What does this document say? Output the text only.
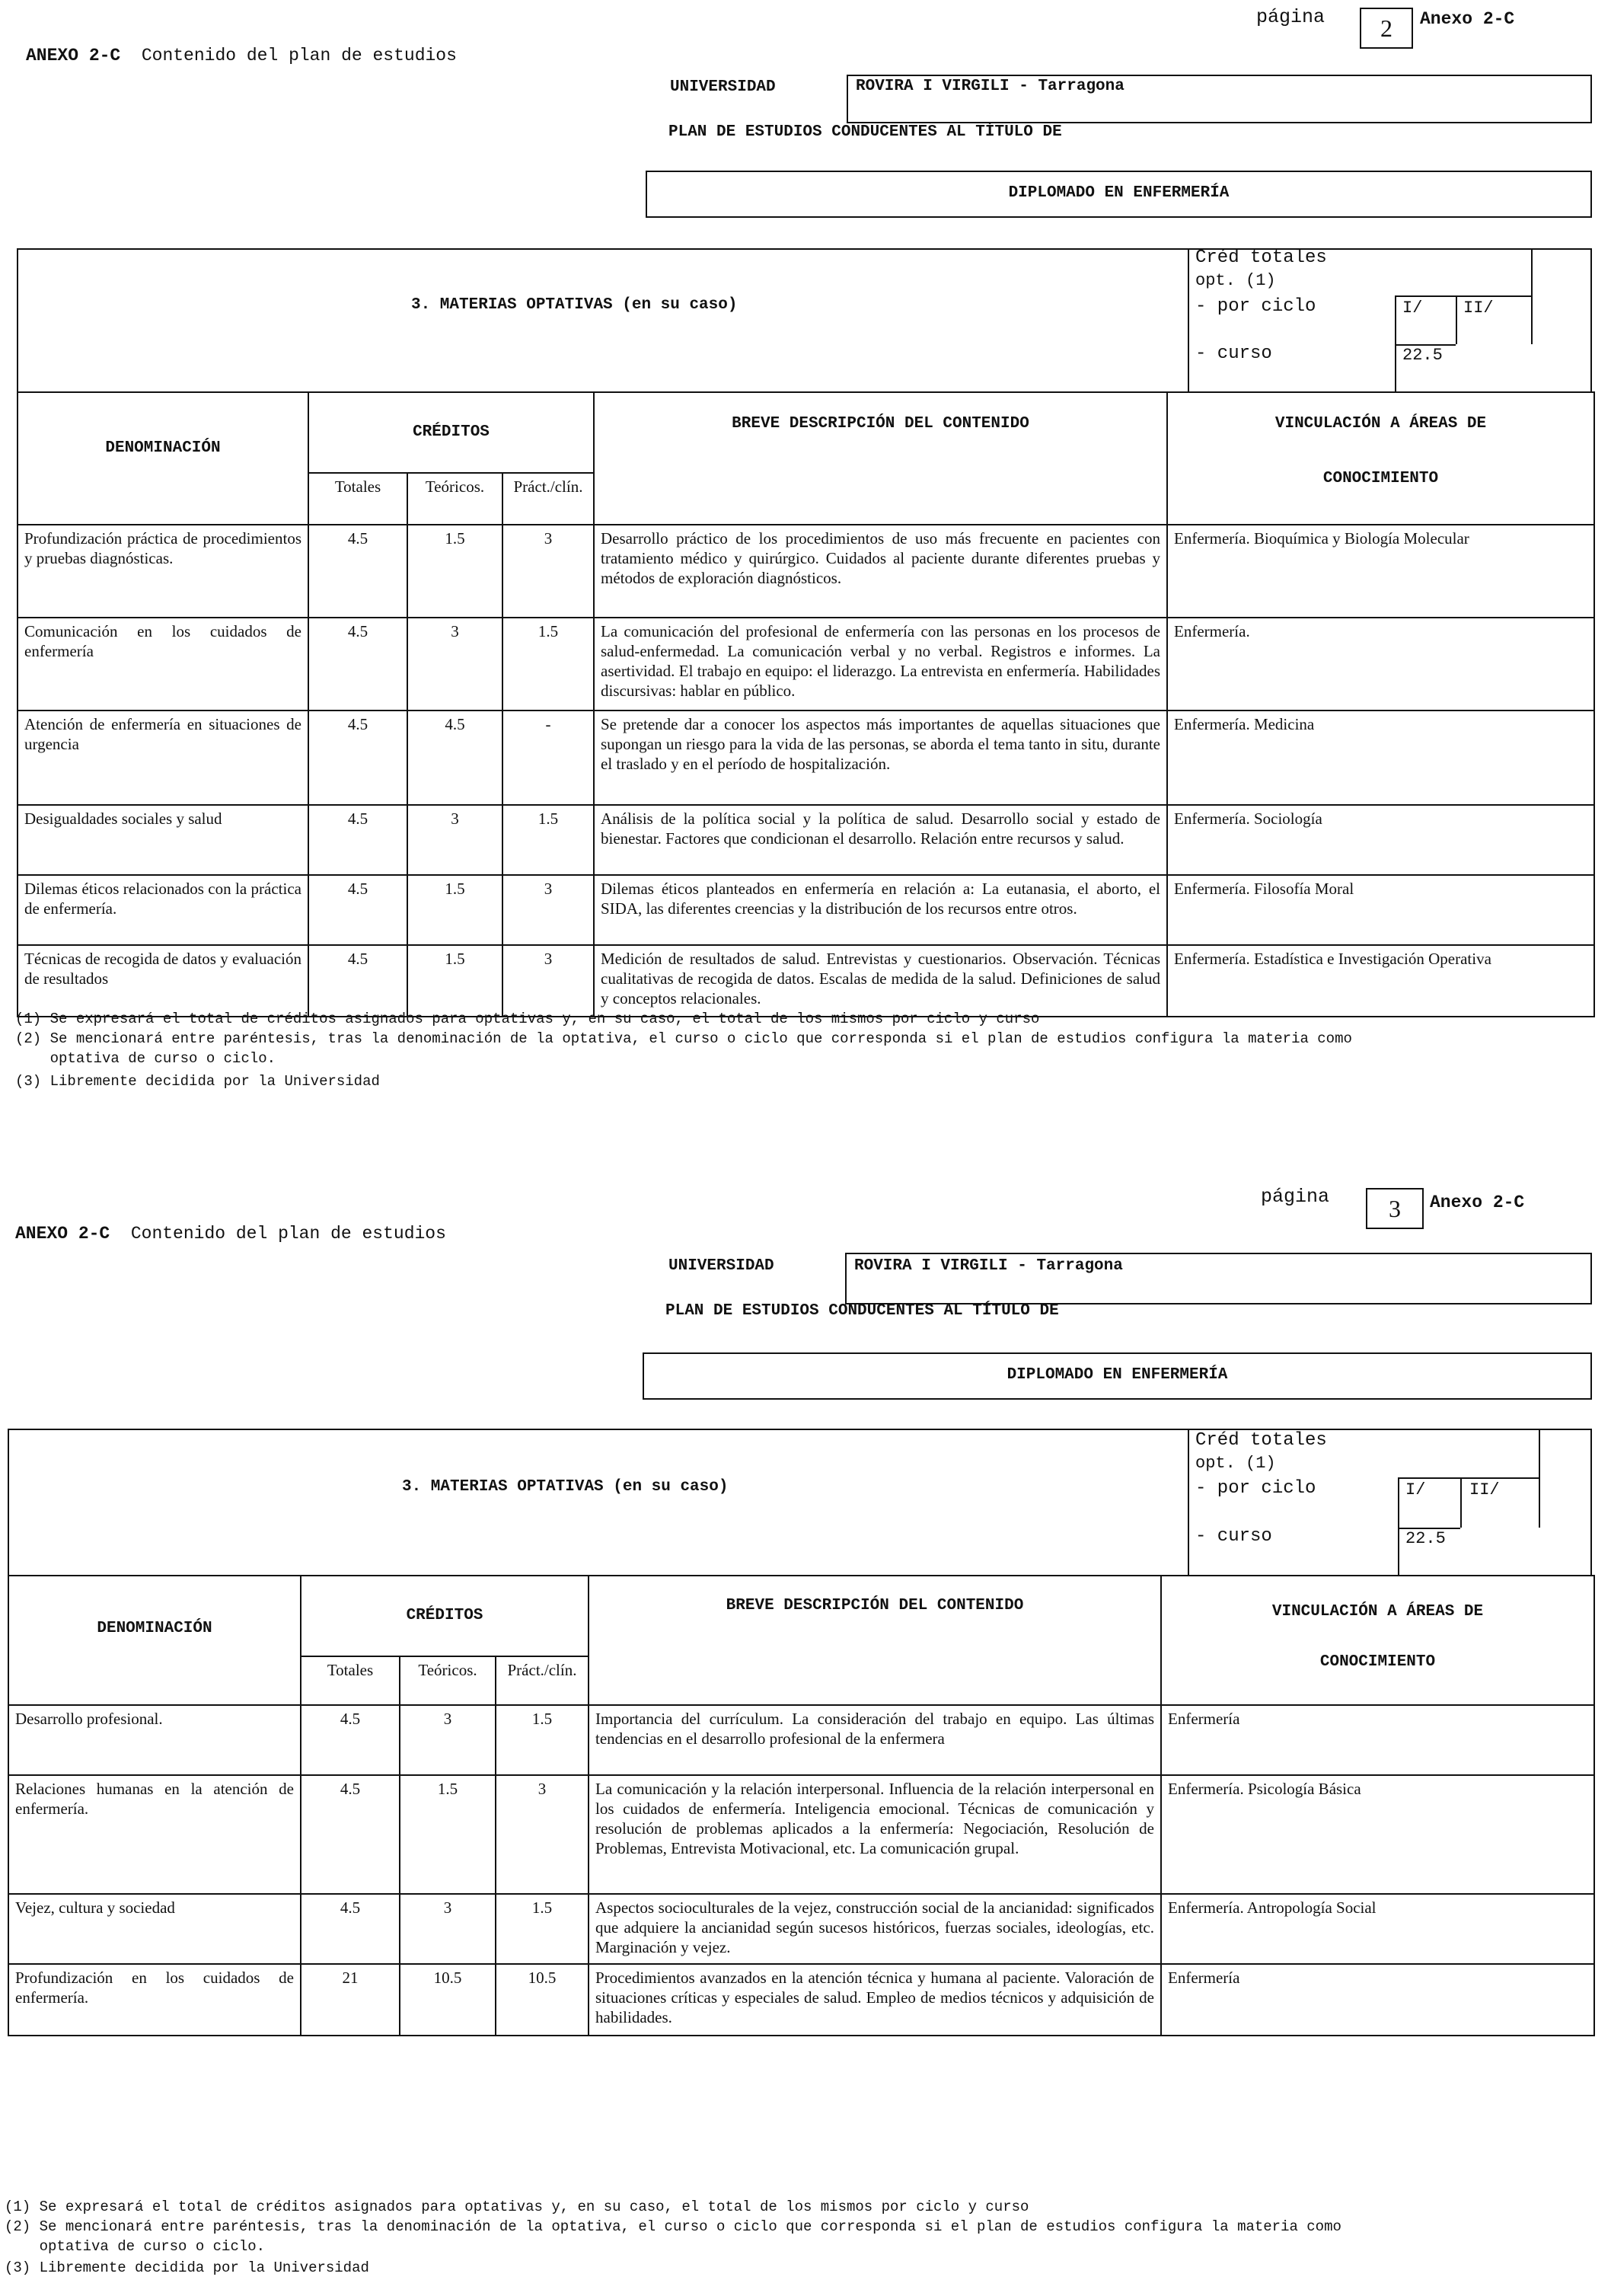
página	2	Anexo 2-C
ANEXO 2-C Contenido del plan de estudios
UNIVERSIDAD	ROVIRA I VIRGILI - Tarragona
PLAN DE ESTUDIOS CONDUCENTES AL TÍTULO DE
DIPLOMADO EN ENFERMERÍA
3. MATERIAS OPTATIVAS (en su caso)
Créd totales
opt. (1)
- por ciclo
- curso
I/ II/
22.5
DENOMINACIÓN	CRÉDITOS			BREVE DESCRIPCIÓN DEL CONTENIDO	VINCULACIÓN A ÁREAS DE
CONOCIMIENTO

	Totales	Teóricos.	Práct./clín.		
Profundización práctica de procedimientos y pruebas diagnósticas.	4.5	1.5	3	Desarrollo práctico de los procedimientos de uso más frecuente en pacientes con tratamiento médico y quirúrgico. Cuidados al paciente durante diferentes pruebas y métodos de exploración diagnósticos.	Enfermería. Bioquímica y Biología Molecular
Comunicación en los cuidados de enfermería	4.5	3	1.5	La comunicación del profesional de enfermería con las personas en los procesos de salud-enfermedad. La comunicación verbal y no verbal. Registros e informes. La asertividad. El trabajo en equipo: el liderazgo. La entrevista en enfermería. Habilidades discursivas: hablar en público.	Enfermería.
Atención de enfermería en situaciones de urgencia	4.5	4.5	-	Se pretende dar a conocer los aspectos más importantes de aquellas situaciones que supongan un riesgo para la vida de las personas, se aborda el tema tanto in situ, durante el traslado y en el período de hospitalización.	Enfermería. Medicina
Desigualdades sociales y salud	4.5	3	1.5	Análisis de la política social y la política de salud. Desarrollo social y estado de bienestar. Factores que condicionan el desarrollo. Relación entre recursos y salud.	Enfermería. Sociología
Dilemas éticos relacionados con la práctica de enfermería.	4.5	1.5	3	Dilemas éticos planteados en enfermería en relación a: La eutanasia, el aborto, el SIDA, las diferentes creencias y la distribución de los recursos entre otros.	Enfermería. Filosofía Moral
Técnicas de recogida de datos y evaluación de resultados	4.5	1.5	3	Medición de resultados de salud. Entrevistas y cuestionarios. Observación. Técnicas cualitativas de recogida de datos. Escalas de medida de la salud. Definiciones de salud y conceptos relacionales.	Enfermería. Estadística e Investigación Operativa
(1) Se expresará el total de créditos asignados para optativas y, en su caso, el total de los mismos por ciclo y curso
(2) Se mencionará entre paréntesis, tras la denominación de la optativa, el curso o ciclo que corresponda si el plan de estudios configura la materia como
optativa de curso o ciclo.
(3) Libremente decidida por la Universidad
página	3	Anexo 2-C
ANEXO 2-C Contenido del plan de estudios
UNIVERSIDAD	ROVIRA I VIRGILI - Tarragona
PLAN DE ESTUDIOS CONDUCENTES AL TÍTULO DE
DIPLOMADO EN ENFERMERÍA
3. MATERIAS OPTATIVAS (en su caso)
Créd totales
opt. (1)
- por ciclo
- curso
I/	II/
22.5
DENOMINACIÓN	CRÉDITOS			BREVE DESCRIPCIÓN DEL CONTENIDO	VINCULACIÓN A ÁREAS DE
CONOCIMIENTO

	Totales	Teóricos.	Práct./clín.		
Desarrollo profesional.	4.5	3	1.5	Importancia del currículum. La consideración del trabajo en equipo. Las últimas tendencias en el desarrollo profesional de la enfermera	Enfermería
Relaciones humanas en la atención de enfermería.	4.5	1.5	3	La comunicación y la relación interpersonal. Influencia de la relación interpersonal en los cuidados de enfermería. Inteligencia emocional. Técnicas de comunicación y resolución de problemas aplicados a la enfermería: Negociación, Resolución de Problemas, Entrevista Motivacional, etc. La comunicación grupal.	Enfermería. Psicología Básica
Vejez, cultura y sociedad	4.5	3	1.5	Aspectos socioculturales de la vejez, construcción social de la ancianidad: significados que adquiere la ancianidad según sucesos históricos, fuerzas sociales, ideologías, etc. Marginación y vejez.	Enfermería. Antropología Social
Profundización en los cuidados de enfermería.	21	10.5	10.5	Procedimientos avanzados en la atención técnica y humana al paciente. Valoración de situaciones críticas y especiales de salud. Empleo de medios técnicos y adquisición de habilidades.	Enfermería
(1) Se expresará el total de créditos asignados para optativas y, en su caso, el total de los mismos por ciclo y curso
(2) Se mencionará entre paréntesis, tras la denominación de la optativa, el curso o ciclo que corresponda si el plan de estudios configura la materia como
optativa de curso o ciclo.
(3) Libremente decidida por la Universidad
